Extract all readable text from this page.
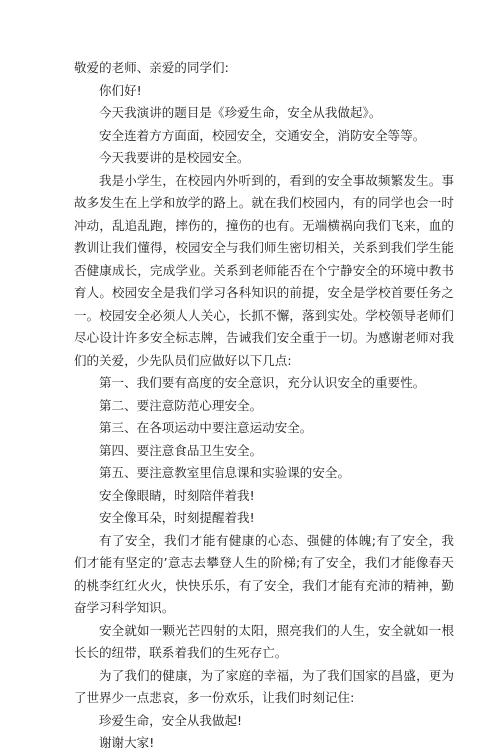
敬爱的老师、亲爱的同学们:

你们好!

今天我演讲的题目是《珍爱生命，安全从我做起》。

安全连着方方面面，校园安全，交通安全，消防安全等等。

今天我要讲的是校园安全。

我是小学生，在校园内外听到的，看到的安全事故频繁发生。事故多发生在上学和放学的路上。就在我们校园内，有的同学也会一时冲动，乱追乱跑，摔伤的，撞伤的也有。无端横祸向我们飞来，血的教训让我们懂得，校园安全与我们师生密切相关，关系到我们学生能否健康成长，完成学业。关系到老师能否在个宁静安全的环境中教书育人。校园安全是我们学习各科知识的前提，安全是学校首要任务之一。校园安全必须人人关心，长抓不懈，落到实处。学校领导老师们尽心设计许多安全标志牌，告诫我们安全重于一切。为感谢老师对我们的关爱，少先队员们应做好以下几点:

第一、我们要有高度的安全意识，充分认识安全的重要性。

第二、要注意防范心理安全。

第三、在各项运动中要注意运动安全。

第四、要注意食品卫生安全。

第五、要注意教室里信息课和实验课的安全。

安全像眼睛，时刻陪伴着我!

安全像耳朵，时刻提醒着我!

有了安全，我们才能有健康的心态、强健的体魄;有了安全，我们才能有坚定的’意志去攀登人生的阶梯;有了安全，我们才能像春天的桃李红红火火，快快乐乐，有了安全，我们才能有充沛的精神，勤奋学习科学知识。

安全就如一颗光芒四射的太阳，照亮我们的人生，安全就如一根长长的纽带，联系着我们的生死存亡。

为了我们的健康，为了家庭的幸福，为了我们国家的昌盛，更为了世界少一点悲哀，多一份欢乐，让我们时刻记住:

珍爱生命，安全从我做起!

谢谢大家!
